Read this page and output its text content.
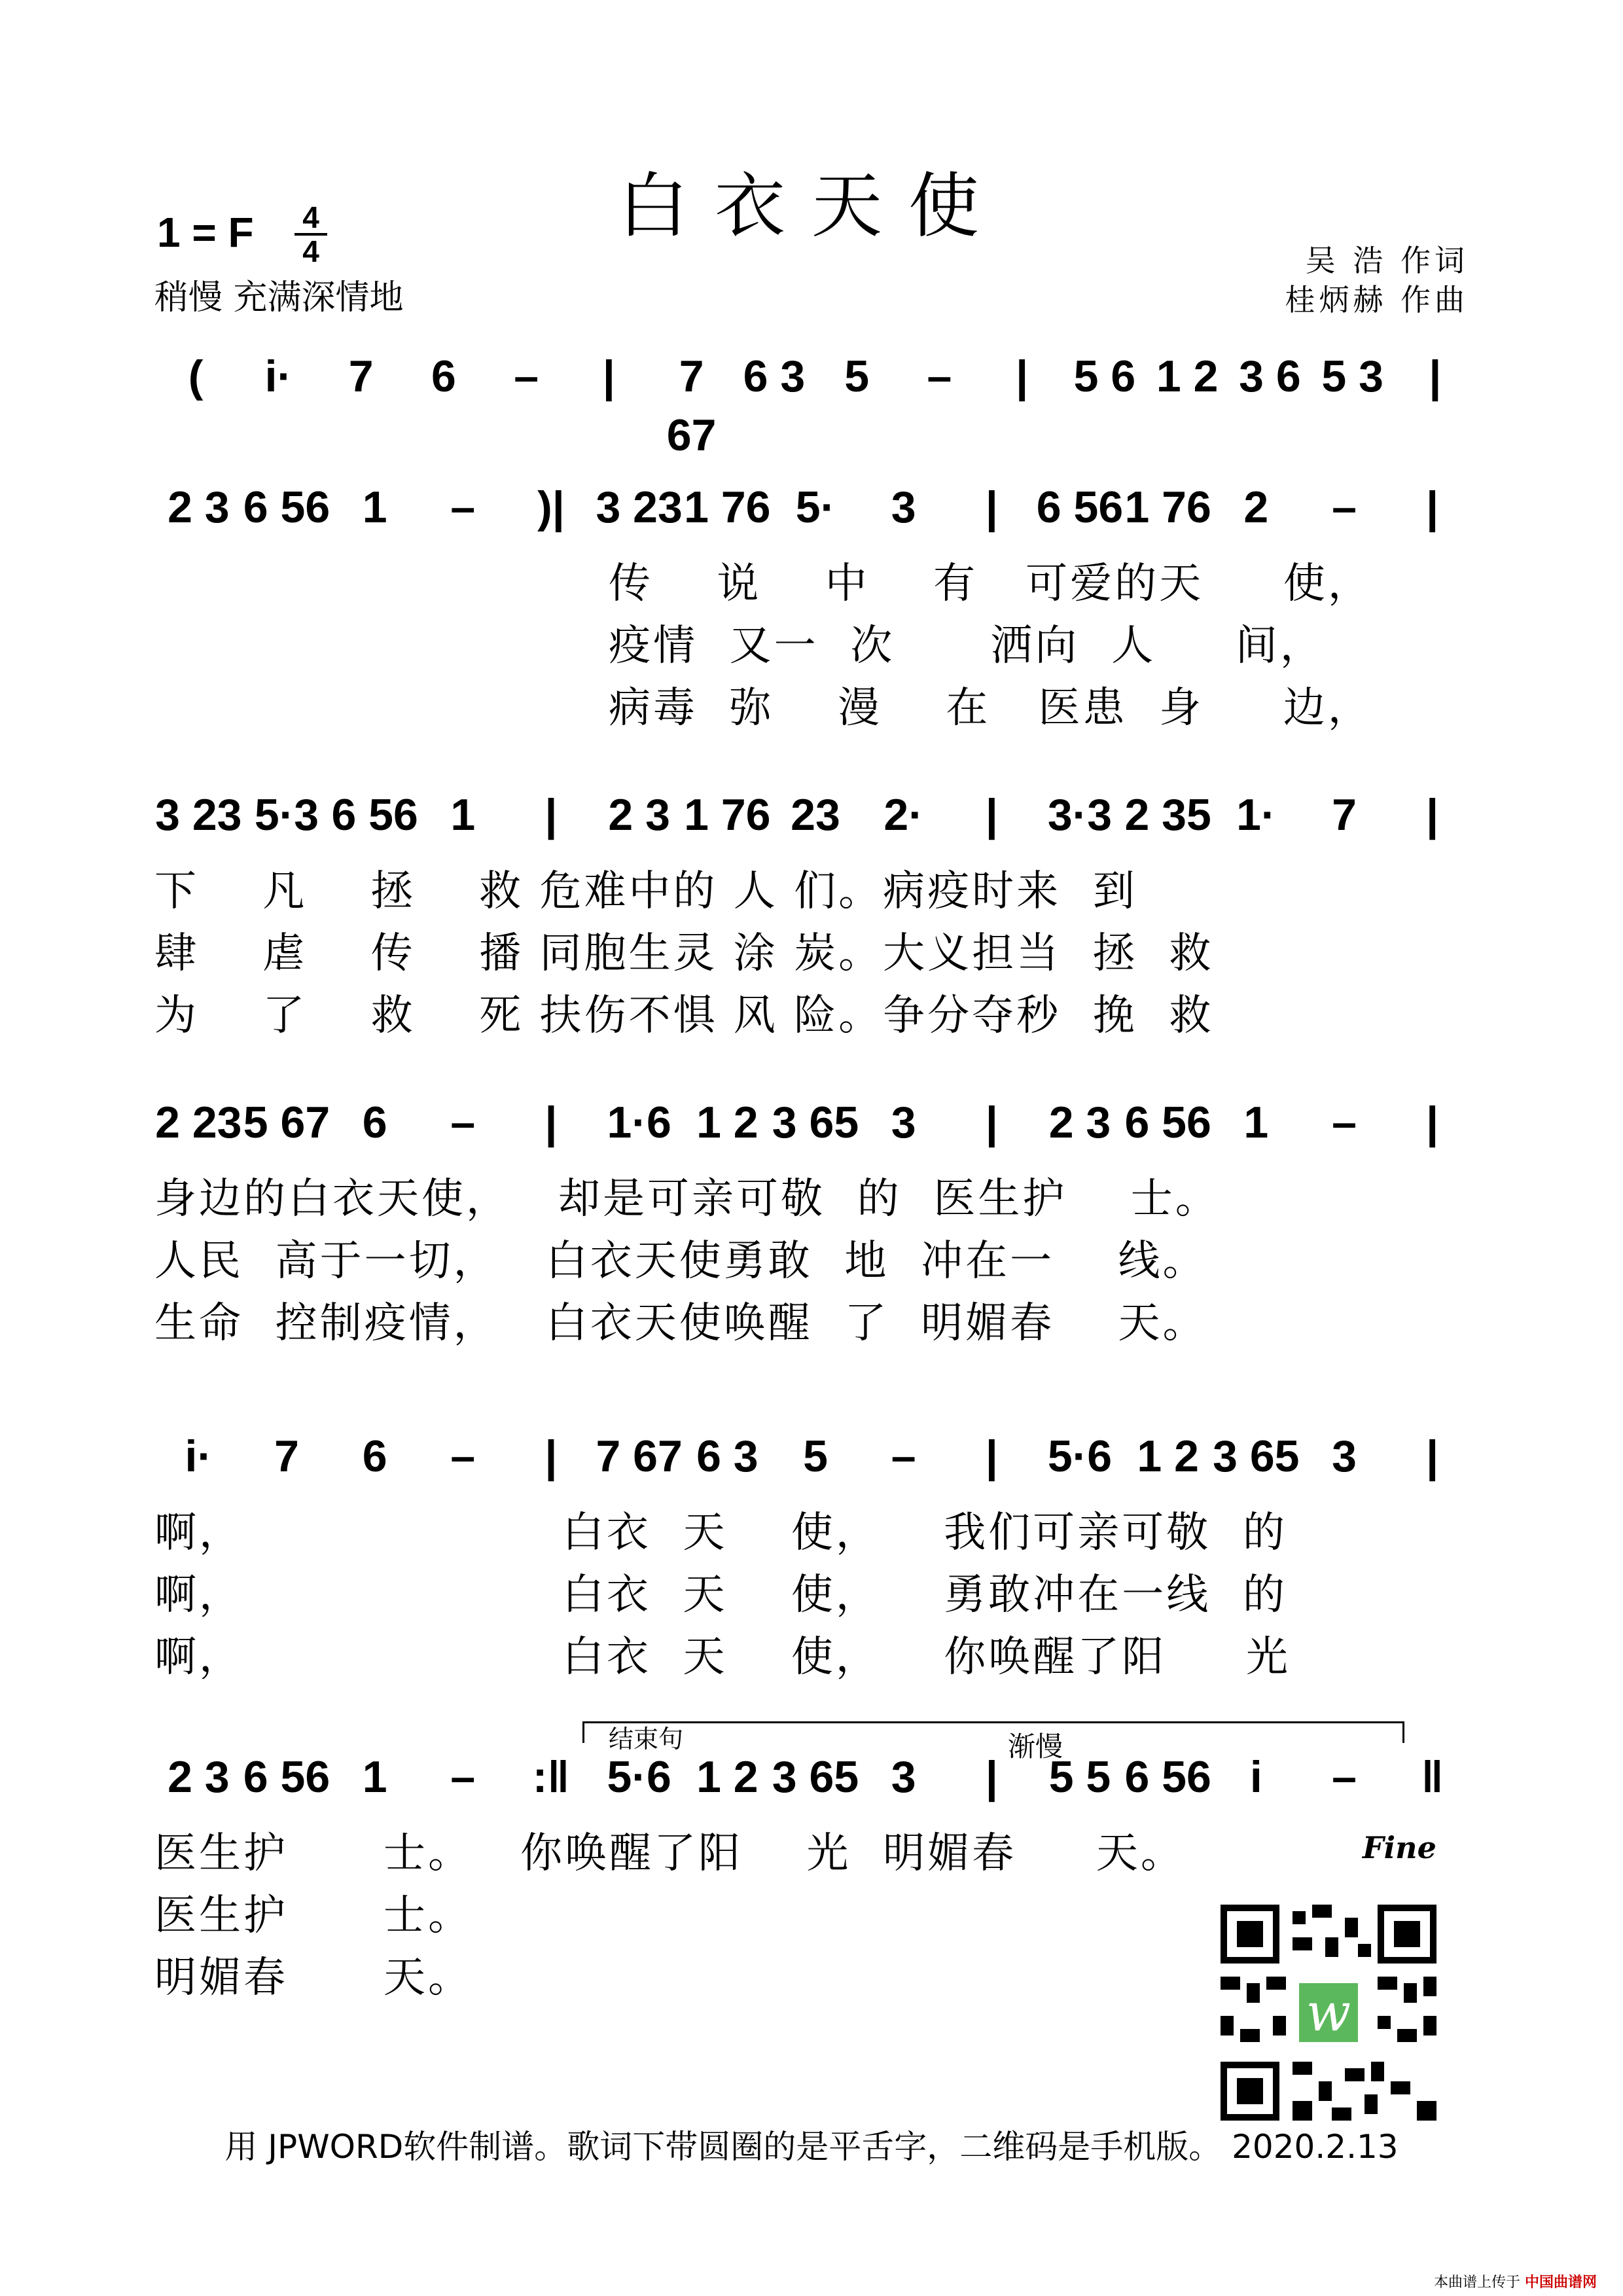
白衣天使
1 = F 4
4
稍慢 充满深情地
吴 浩 作词
桂炳赫 作曲
(	i·	7	6	–	|	7 67
6 3 5	–	|	5 6 1 2 3 6 5 3	|
2 3 6 56 1	–	)| 3 23 1 76 5·	3	| 6 56 1 76 2	–	|
3 23 5·3 6 56 1	|	2 3 1 76 23 2·	|	3·3 2 35 1·	7	|
2 23 5 67 6	–	|	1·6 1 2 3 65 3	|	2 3 6 56 1	–	|
i·	7	6	–	| 7 67 6 3	5	–	|	5·6 1 2 3 65 3	|
2 3 6 56 1	–	:‖ 5·6 1 2 3 65 3	|	5 5 6 56 i	–	‖
结束句	渐慢
Fine
w
用 JPWORD软件制谱。歌词下带圆圈的是平舌字，二维码是手机版。 2020.2.13
本曲谱上传于 中国曲谱网
传    说    中    有   可爱的天     使，
疫情  又一  次      洒向  人     间，
病毒  弥    漫    在   医患  身     边，
下    凡    拯    救 危难中的 人 们。病疫时来  到
肆    虐    传    播 同胞生灵 涂 炭。大义担当  拯  救
为    了    救    死 扶伤不惧 风 险。争分夺秒  挽  救
身边的白衣天使，   却是可亲可敬  的  医生护    士。
人民  高于一切，   白衣天使勇敢  地  冲在一    线。
生命  控制疫情，   白衣天使唤醒  了  明媚春    天。
啊，                    白衣  天    使，    我们可亲可敬  的
啊，                    白衣  天    使，    勇敢冲在一线  的
啊，                    白衣  天    使，    你唤醒了阳     光
医生护      士。   你唤醒了阳    光  明媚春     天。
医生护      士。
明媚春      天。
